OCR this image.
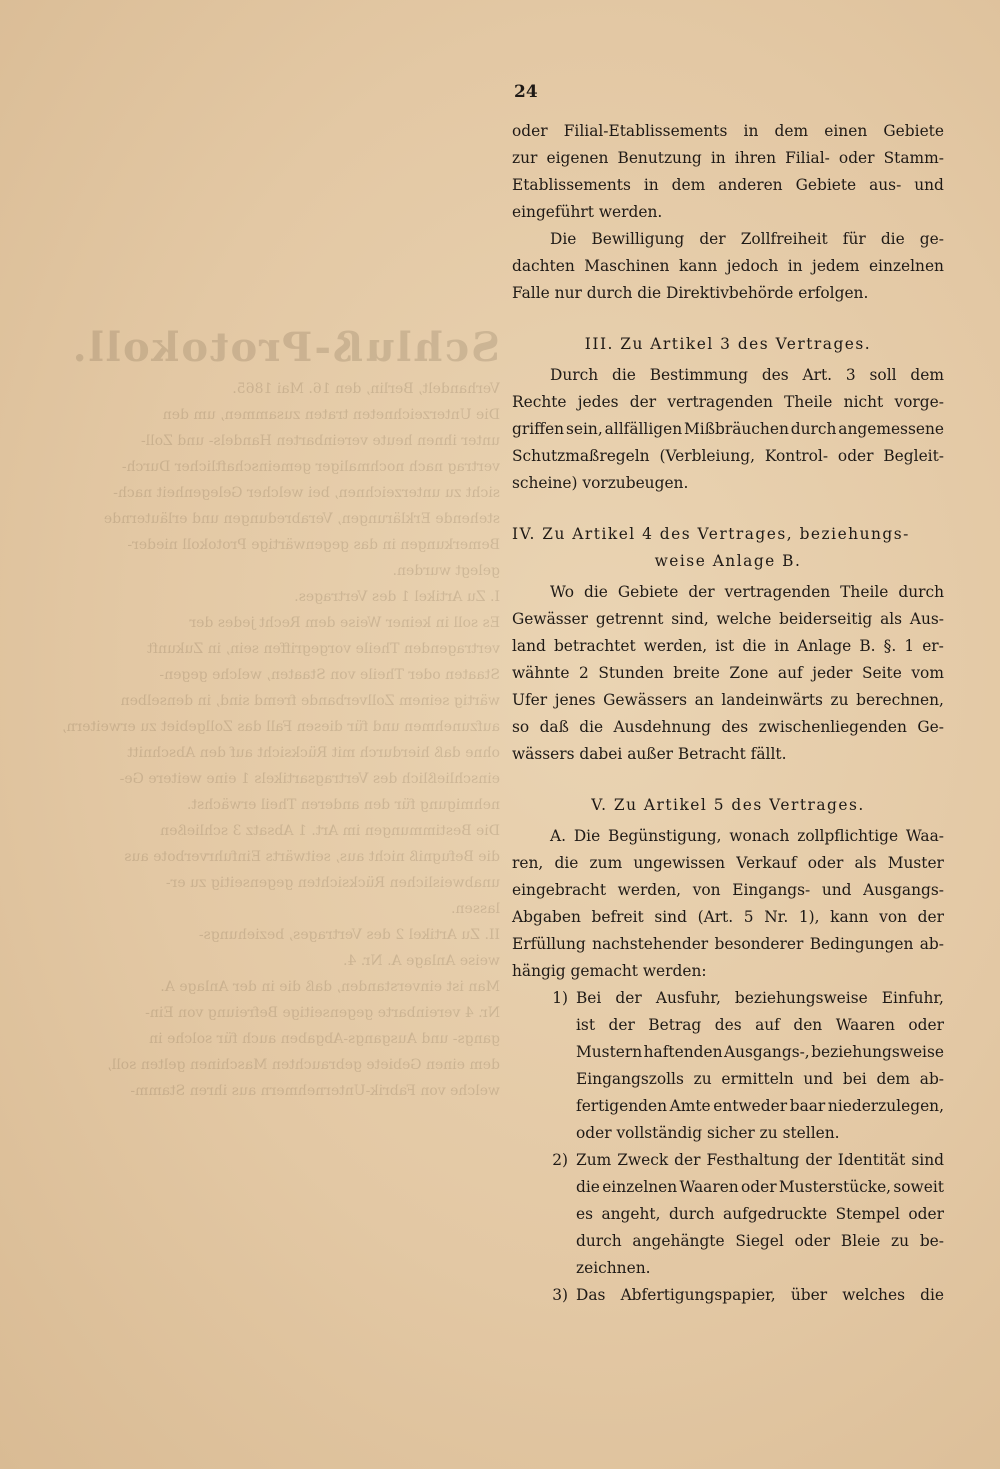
Schluß-Protokoll.
Verhandelt, Berlin, den 16. Mai 1865.
Die Unterzeichneten traten zusammen, um den
unter ihnen heute vereinbarten Handels- und Zoll-
vertrag nach nochmaliger gemeinschaftlicher Durch-
sicht zu unterzeichnen, bei welcher Gelegenheit nach-
stehende Erklärungen, Verabredungen und erläuternde
Bemerkungen in das gegenwärtige Protokoll nieder-
gelegt wurden.
I. Zu Artikel 1 des Vertrages.
Es soll in keiner Weise dem Recht jedes der
vertragenden Theile vorgegriffen sein, in Zukunft
Staaten oder Theile von Staaten, welche gegen-
wärtig seinem Zollverbande fremd sind, in denselben
aufzunehmen und für diesen Fall das Zollgebiet zu erweitern,
ohne daß hierdurch mit Rücksicht auf den Abschnitt
einschließlich des Vertragsartikels 1 eine weitere Ge-
nehmigung für den anderen Theil erwächst.
Die Bestimmungen im Art. 1 Absatz 3 schließen
die Befugniß nicht aus, seitwärts Einfuhrverbote aus
unabweislichen Rücksichten gegenseitig zu er-
lassen.
II. Zu Artikel 2 des Vertrages, beziehungs-
weise Anlage A. Nr. 4.
Man ist einverstanden, daß die in der Anlage A.
Nr. 4 vereinbarte gegenseitige Befreiung von Ein-
gangs- und Ausgangs-Abgaben auch für solche in
dem einen Gebiete gebrauchten Maschinen gelten soll,
welche von Fabrik-Unternehmern aus ihren Stamm-
24
oder Filial-Etablissements in dem einen Gebiete
zur eigenen Benutzung in ihren Filial- oder Stamm-
Etablissements in dem anderen Gebiete aus- und
eingeführt werden.
Die Bewilligung der Zollfreiheit für die ge-
dachten Maschinen kann jedoch in jedem einzelnen
Falle nur durch die Direktivbehörde erfolgen.
III. Zu Artikel 3 des Vertrages.
Durch die Bestimmung des Art. 3 soll dem
Rechte jedes der vertragenden Theile nicht vorge-
griffen sein, allfälligen Mißbräuchen durch angemessene
Schutzmaßregeln (Verbleiung, Kontrol- oder Begleit-
scheine) vorzubeugen.
IV. Zu Artikel 4 des Vertrages, beziehungs-
weise Anlage B.
Wo die Gebiete der vertragenden Theile durch
Gewässer getrennt sind, welche beiderseitig als Aus-
land betrachtet werden, ist die in Anlage B. §. 1 er-
wähnte 2 Stunden breite Zone auf jeder Seite vom
Ufer jenes Gewässers an landeinwärts zu berechnen,
so daß die Ausdehnung des zwischenliegenden Ge-
wässers dabei außer Betracht fällt.
V. Zu Artikel 5 des Vertrages.
A. Die Begünstigung, wonach zollpflichtige Waa-
ren, die zum ungewissen Verkauf oder als Muster
eingebracht werden, von Eingangs- und Ausgangs-
Abgaben befreit sind (Art. 5 Nr. 1), kann von der
Erfüllung nachstehender besonderer Bedingungen ab-
hängig gemacht werden:
1) Bei der Ausfuhr, beziehungsweise Einfuhr,
ist der Betrag des auf den Waaren oder
Mustern haftenden Ausgangs-, beziehungsweise
Eingangszolls zu ermitteln und bei dem ab-
fertigenden Amte entweder baar niederzulegen,
oder vollständig sicher zu stellen.
2) Zum Zweck der Festhaltung der Identität sind
die einzelnen Waaren oder Musterstücke, soweit
es angeht, durch aufgedruckte Stempel oder
durch angehängte Siegel oder Bleie zu be-
zeichnen.
3) Das Abfertigungspapier, über welches die
